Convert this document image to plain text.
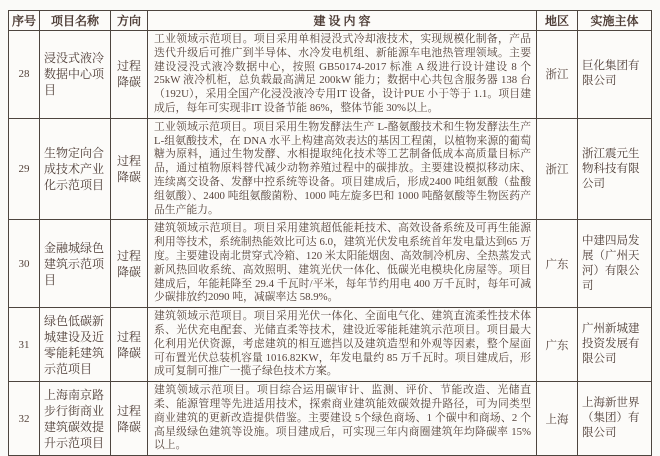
序号	项目名称	方向	建 设 内 容	地区	实施主体
28	浸没式液冷数据中心项目	过程降碳	工业领域示范项目。项目采用单相浸没式冷却液技术，实现规模化制备，产品迭代升级后可推广到半导体、水冷发电机组、新能源车电池热管理领域。主要建设浸没式液冷数据中心，按照 GB50174-2017 标准 A 级进行设计建设 8 个 25kW 液冷机柜，总负载最高满足 200kW 能力；数据中心共包含服务器 138 台（192U），采用全国产化浸没液冷专用IT 设备，设计PUE 小于等于 1.1。项目建成后，每年可实现非IT 设备节能 86%，整体节能 30%以上。	浙江	巨化集团有限公司
29	生物定向合成技术产业化示范项目	过程降碳	工业领域示范项目。项目采用生物发酵法生产 L-酪氨酸技术和生物发酵法生产 L-组氨酸技术，在 DNA 水平上构建高效表达的基因工程菌，以植物来源的葡萄糖为原料，通过生物发酵、水相提取纯化技术等工艺制备低成本高质量目标产品，通过植物原料替代减少动物养殖过程中的碳排放。主要建设模拟移动床、连续离交设备、发酵中控系统等设备。项目建成后，形成2400 吨组氨酸（盐酸组氨酸）、2400 吨组氨酸菌粉、1000 吨左旋多巴和 1000 吨酪氨酸等生物医药产品生产能力。	浙江	浙江震元生物科技有限公司
30	金融城绿色建筑示范项目	过程降碳	建筑领域示范项目。项目采用建筑超低能耗技术、高效设备系统及可再生能源利用等技术，系统制热能效比可达 6.0，建筑光伏发电系统首年发电量达到65 万度。主要建设南北贯穿式冷箱、120 米太阳能烟囱、高效制冷机房、全热蒸发式新风热回收系统、高效照明、建筑光伏一体化、低碳光电模块化房屋等。项目建成后，年能耗降至 29.4 千瓦时/平米，每年节约用电 400 万千瓦时，每年可减少碳排放约2090 吨，减碳率达 58.9%。	广东	中建四局发展（广州天河）有限公司
31	绿色低碳新城建设及近零能耗建筑示范项目	过程降碳	建筑领域示范项目。项目采用光伏一体化、全面电气化、建筑直流柔性技术体系、光伏充电配套、光储直柔等技术，建设近零能耗建筑示范项目。项目最大化利用光伏资源，考虑建筑的相互遮挡以及建筑造型和外观等因素，整个屋面可布置光伏总装机容量 1016.82KW，年发电量约 85 万千瓦时。项目建成后，形成可复制可推广一揽子绿色技术方案。	广东	广州新城建投资发展有限公司
32	上海南京路步行街商业建筑碳效提升示范项目	过程降碳	建筑领域示范项目。项目综合运用碳审计、监测、评价、节能改造、光储直柔、能源管理等先进适用技术，探索商业建筑能效碳效提升路径，可为同类型商业建筑的更新改造提供借鉴。主要建设 5个绿色商场、1 个碳中和商场、2 个高星级绿色建筑等设施。项目建成后，可实现三年内商圈建筑年均降碳率 15%以上。	上海	上海新世界（集团）有限公司
